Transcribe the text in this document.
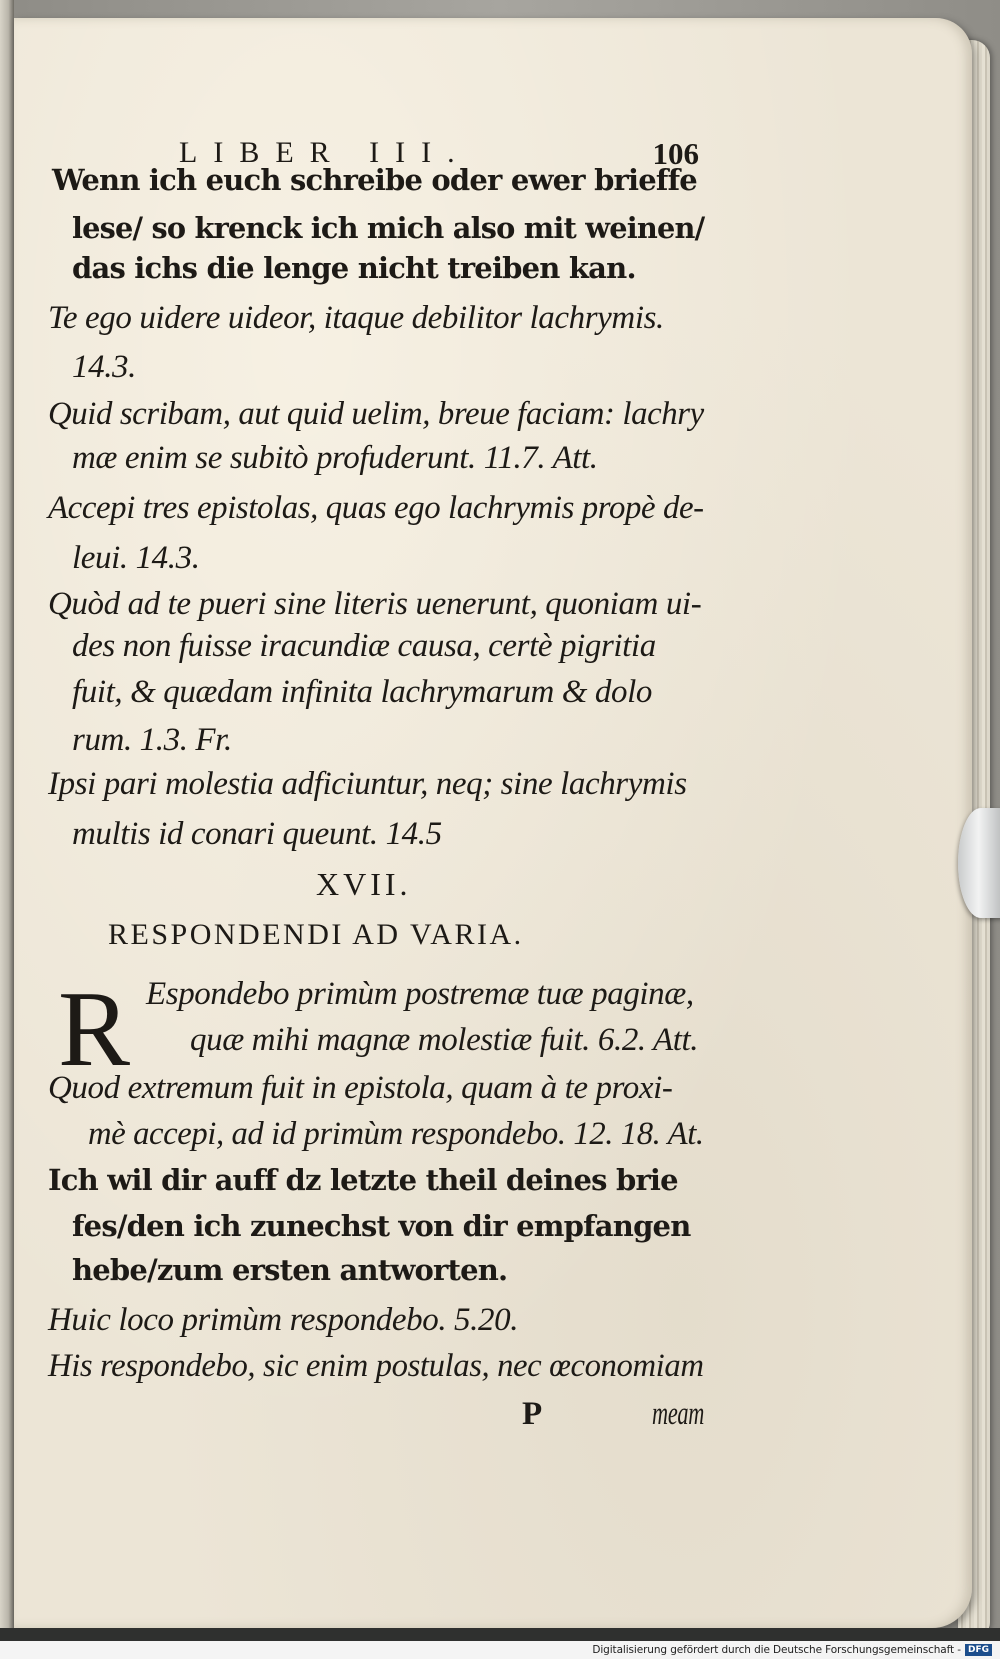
LIBER III.	106
Wenn ich euch schreibe oder ewer brieffe
lese/ so krenck ich mich also mit weinen/
das ichs die lenge nicht treiben kan.
Te ego uidere uideor, itaque debilitor lachrymis.
14.3.
Quid scribam, aut quid uelim, breue faciam: lachry
mæ enim se subitò profuderunt. 11.7. Att.
Accepi tres epistolas, quas ego lachrymis propè de-
leui. 14.3.
Quòd ad te pueri sine literis uenerunt, quoniam ui-
des non fuisse iracundiæ causa, certè pigritia
fuit, & quædam infinita lachrymarum & dolo
rum. 1.3. Fr.
Ipsi pari molestia adficiuntur, neq; sine lachrymis
multis id conari queunt. 14.5
XVII.
RESPONDENDI AD VARIA.
R Espondebo primùm postremæ tuæ paginæ,
quæ mihi magnæ molestiæ fuit. 6.2. Att.
Quod extremum fuit in epistola, quam à te proxi-
mè accepi, ad id primùm respondebo. 12. 18. At.
Ich wil dir auff dz letzte theil deines brie
fes/den ich zunechst von dir empfangen
hebe/zum ersten antworten.
Huic loco primùm respondebo. 5.20.
His respondebo, sic enim postulas, nec œconomiam
P	meam
Digitalisierung gefördert durch die Deutsche Forschungsgemeinschaft - DFG
